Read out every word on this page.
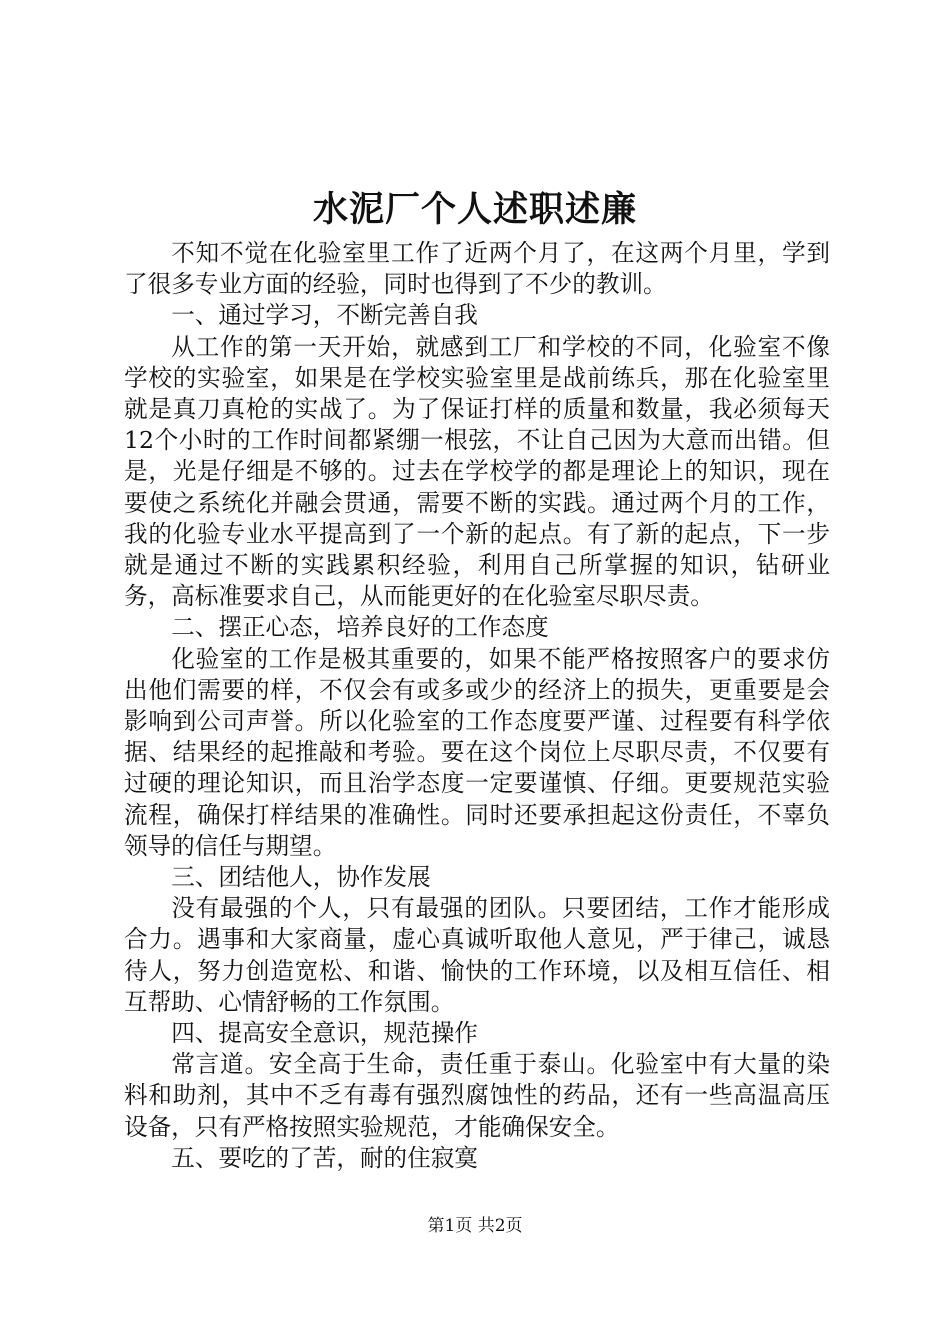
水泥厂个人述职述廉

不知不觉在化验室里工作了近两个月了，在这两个月里，学到了很多专业方面的经验，同时也得到了不少的教训。

一、通过学习，不断完善自我

从工作的第一天开始，就感到工厂和学校的不同，化验室不像学校的实验室，如果是在学校实验室里是战前练兵，那在化验室里就是真刀真枪的实战了。为了保证打样的质量和数量，我必须每天12个小时的工作时间都紧绷一根弦，不让自己因为大意而出错。但是，光是仔细是不够的。过去在学校学的都是理论上的知识，现在要使之系统化并融会贯通，需要不断的实践。通过两个月的工作，我的化验专业水平提高到了一个新的起点。有了新的起点，下一步就是通过不断的实践累积经验，利用自己所掌握的知识，钻研业务，高标准要求自己，从而能更好的在化验室尽职尽责。

二、摆正心态，培养良好的工作态度

化验室的工作是极其重要的，如果不能严格按照客户的要求仿出他们需要的样，不仅会有或多或少的经济上的损失，更重要是会影响到公司声誉。所以化验室的工作态度要严谨、过程要有科学依据、结果经的起推敲和考验。要在这个岗位上尽职尽责，不仅要有过硬的理论知识，而且治学态度一定要谨慎、仔细。更要规范实验流程，确保打样结果的准确性。同时还要承担起这份责任，不辜负领导的信任与期望。

三、团结他人，协作发展

没有最强的个人，只有最强的团队。只要团结，工作才能形成合力。遇事和大家商量，虚心真诚听取他人意见，严于律己，诚恳待人，努力创造宽松、和谐、愉快的工作环境，以及相互信任、相互帮助、心情舒畅的工作氛围。

四、提高安全意识，规范操作

常言道。安全高于生命，责任重于泰山。化验室中有大量的染料和助剂，其中不乏有毒有强烈腐蚀性的药品，还有一些高温高压设备，只有严格按照实验规范，才能确保安全。

五、要吃的了苦，耐的住寂寞

第1页 共2页
